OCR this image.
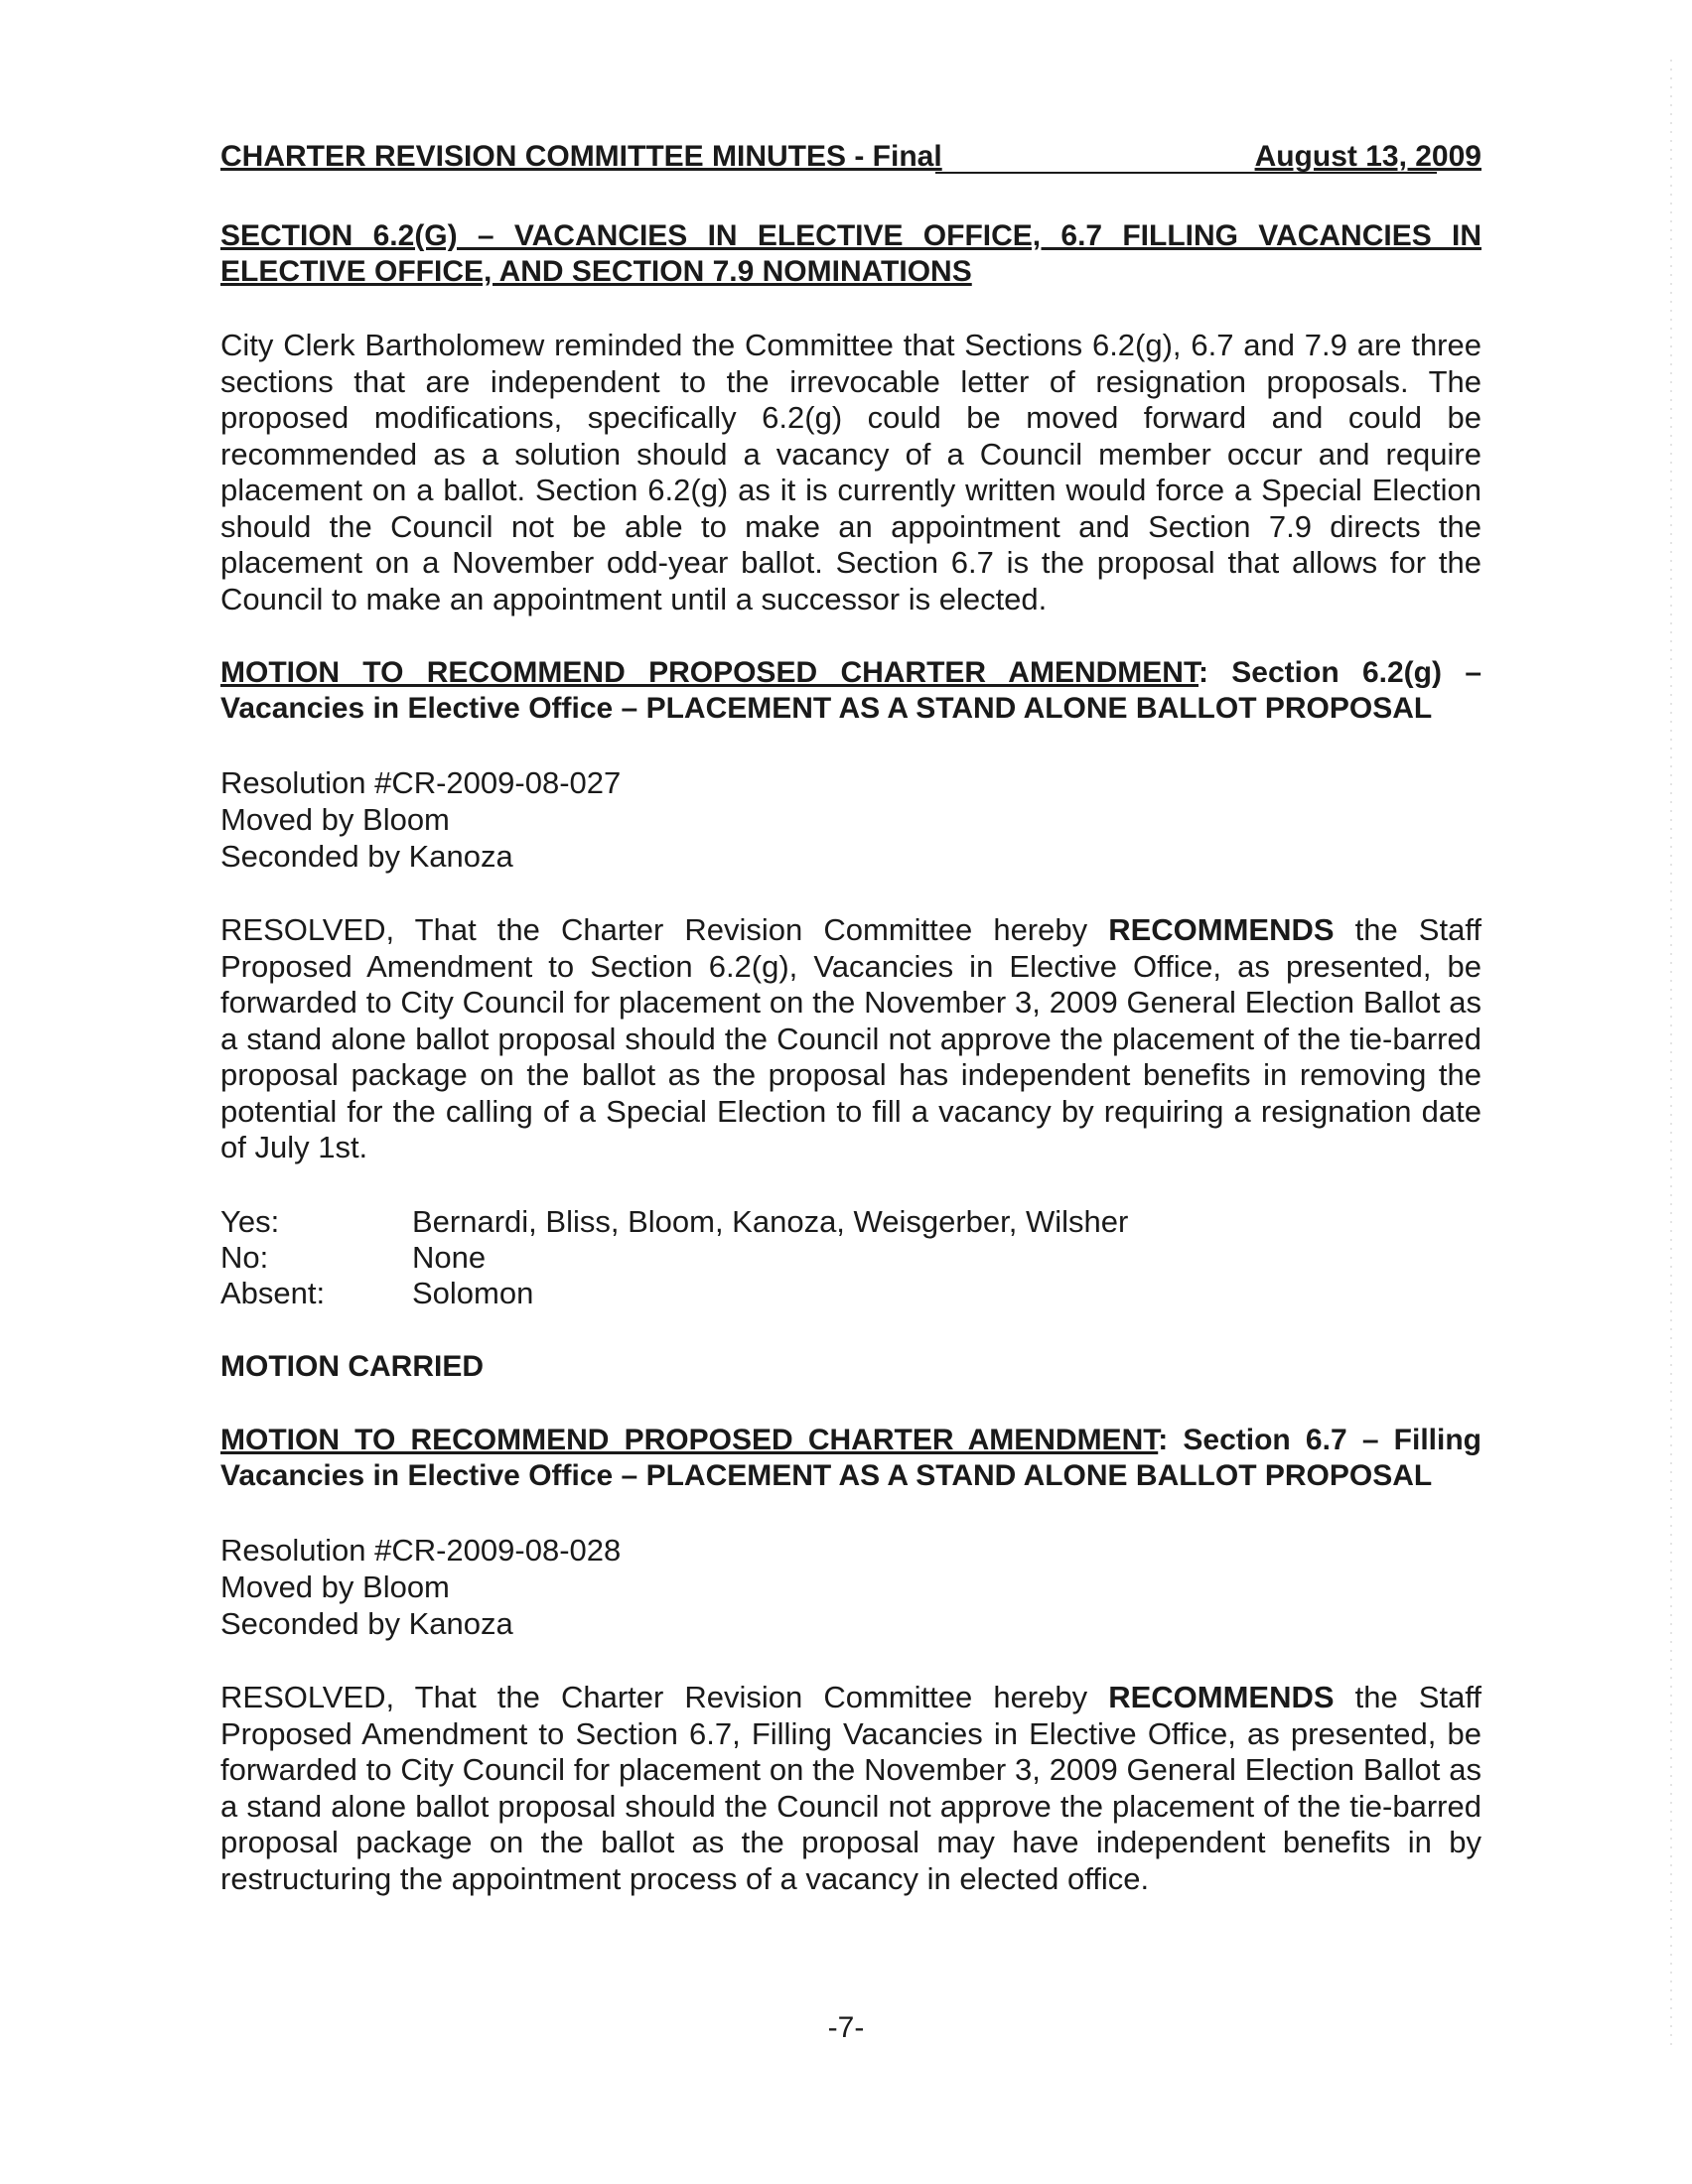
CHARTER REVISION COMMITTEE MINUTES - Final	August 13, 2009
SECTION 6.2(G) – VACANCIES IN ELECTIVE OFFICE, 6.7 FILLING VACANCIES IN ELECTIVE OFFICE, AND SECTION 7.9 NOMINATIONS

City Clerk Bartholomew reminded the Committee that Sections 6.2(g), 6.7 and 7.9 are three sections that are independent to the irrevocable letter of resignation proposals. The proposed modifications, specifically 6.2(g) could be moved forward and could be recommended as a solution should a vacancy of a Council member occur and require placement on a ballot. Section 6.2(g) as it is currently written would force a Special Election should the Council not be able to make an appointment and Section 7.9 directs the placement on a November odd-year ballot. Section 6.7 is the proposal that allows for the Council to make an appointment until a successor is elected.

MOTION TO RECOMMEND PROPOSED CHARTER AMENDMENT: Section 6.2(g) – Vacancies in Elective Office – PLACEMENT AS A STAND ALONE BALLOT PROPOSAL
Resolution #CR-2009-08-027
Moved by Bloom
Seconded by Kanoza

RESOLVED, That the Charter Revision Committee hereby RECOMMENDS the Staff Proposed Amendment to Section 6.2(g), Vacancies in Elective Office, as presented, be forwarded to City Council for placement on the November 3, 2009 General Election Ballot as a stand alone ballot proposal should the Council not approve the placement of the tie-barred proposal package on the ballot as the proposal has independent benefits in removing the potential for the calling of a Special Election to fill a vacancy by requiring a resignation date of July 1st.

Yes:	Bernardi, Bliss, Bloom, Kanoza, Weisgerber, Wilsher
No:	None
Absent:	Solomon
MOTION CARRIED
MOTION TO RECOMMEND PROPOSED CHARTER AMENDMENT: Section 6.7 – Filling Vacancies in Elective Office – PLACEMENT AS A STAND ALONE BALLOT PROPOSAL
Resolution #CR-2009-08-028
Moved by Bloom
Seconded by Kanoza

RESOLVED, That the Charter Revision Committee hereby RECOMMENDS the Staff Proposed Amendment to Section 6.7, Filling Vacancies in Elective Office, as presented, be forwarded to City Council for placement on the November 3, 2009 General Election Ballot as a stand alone ballot proposal should the Council not approve the placement of the tie-barred proposal package on the ballot as the proposal may have independent benefits in by restructuring the appointment process of a vacancy in elected office.

-7-
